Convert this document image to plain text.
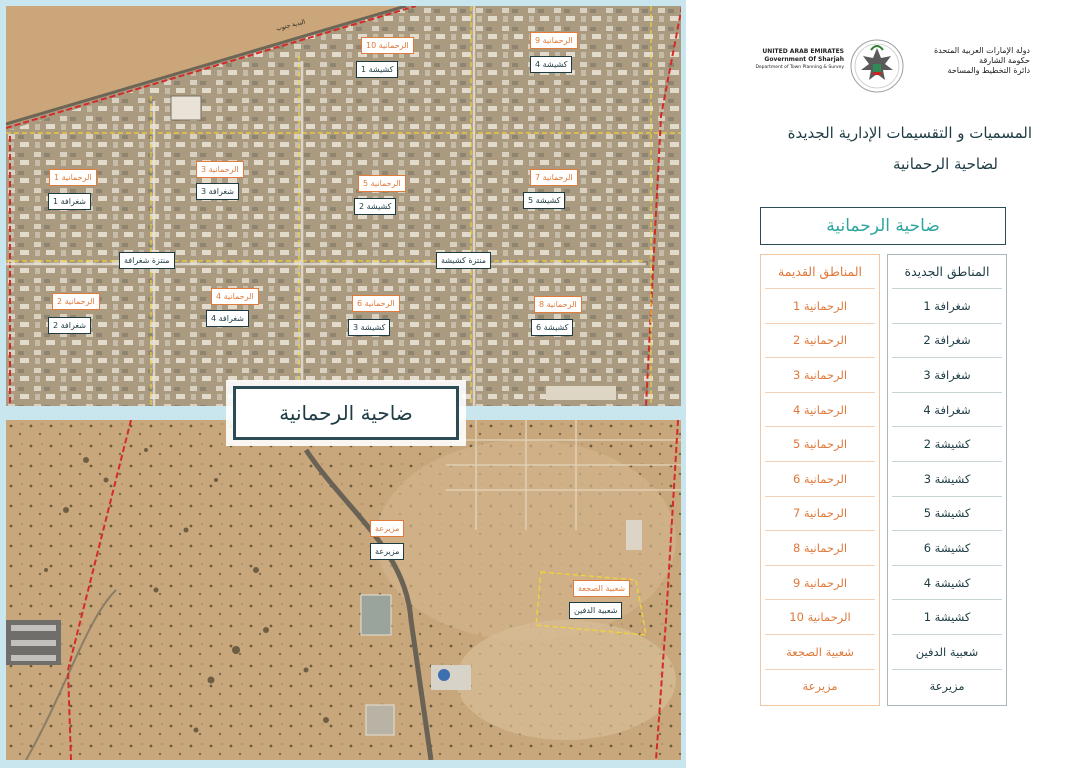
البدية جنوب
الرحمانية 10
كشيشة 1
الرحمانية 9
كشيشة 4
الرحمانية 1
شغرافة 1
الرحمانية 3
شغرافة 3
الرحمانية 5
كشيشة 2
الرحمانية 7
كشيشة 5
الرحمانية 2
شغرافة 2
الرحمانية 4
شغرافة 4
الرحمانية 6
كشيشة 3
الرحمانية 8
كشيشة 6
منتزة شغرافة	منتزة كشيشة
مزيرعة
مزيرعة
شعبية الصجعة
شعبية الدفين
ضاحية الرحمانية
UNITED ARAB EMIRATES
Government Of Sharjah
Department of Town Planning & Survey
دولة الإمارات العربية المتحدة
حكومة الشارقة
دائرة التخطيط والمساحة
المسميات و التقسيمات الإدارية الجديدة
لضاحية الرحمانية
ضاحية الرحمانية
المناطق القديمة
الرحمانية 1
الرحمانية 2
الرحمانية 3
الرحمانية 4
الرحمانية 5
الرحمانية 6
الرحمانية 7
الرحمانية 8
الرحمانية 9
الرحمانية 10
شعبية الصجعة
مزيرعة
المناطق الجديدة
شغرافة 1
شغرافة 2
شغرافة 3
شغرافة 4
كشيشة 2
كشيشة 3
كشيشة 5
كشيشة 6
كشيشة 4
كشيشة 1
شعبية الدفين
مزيرعة
